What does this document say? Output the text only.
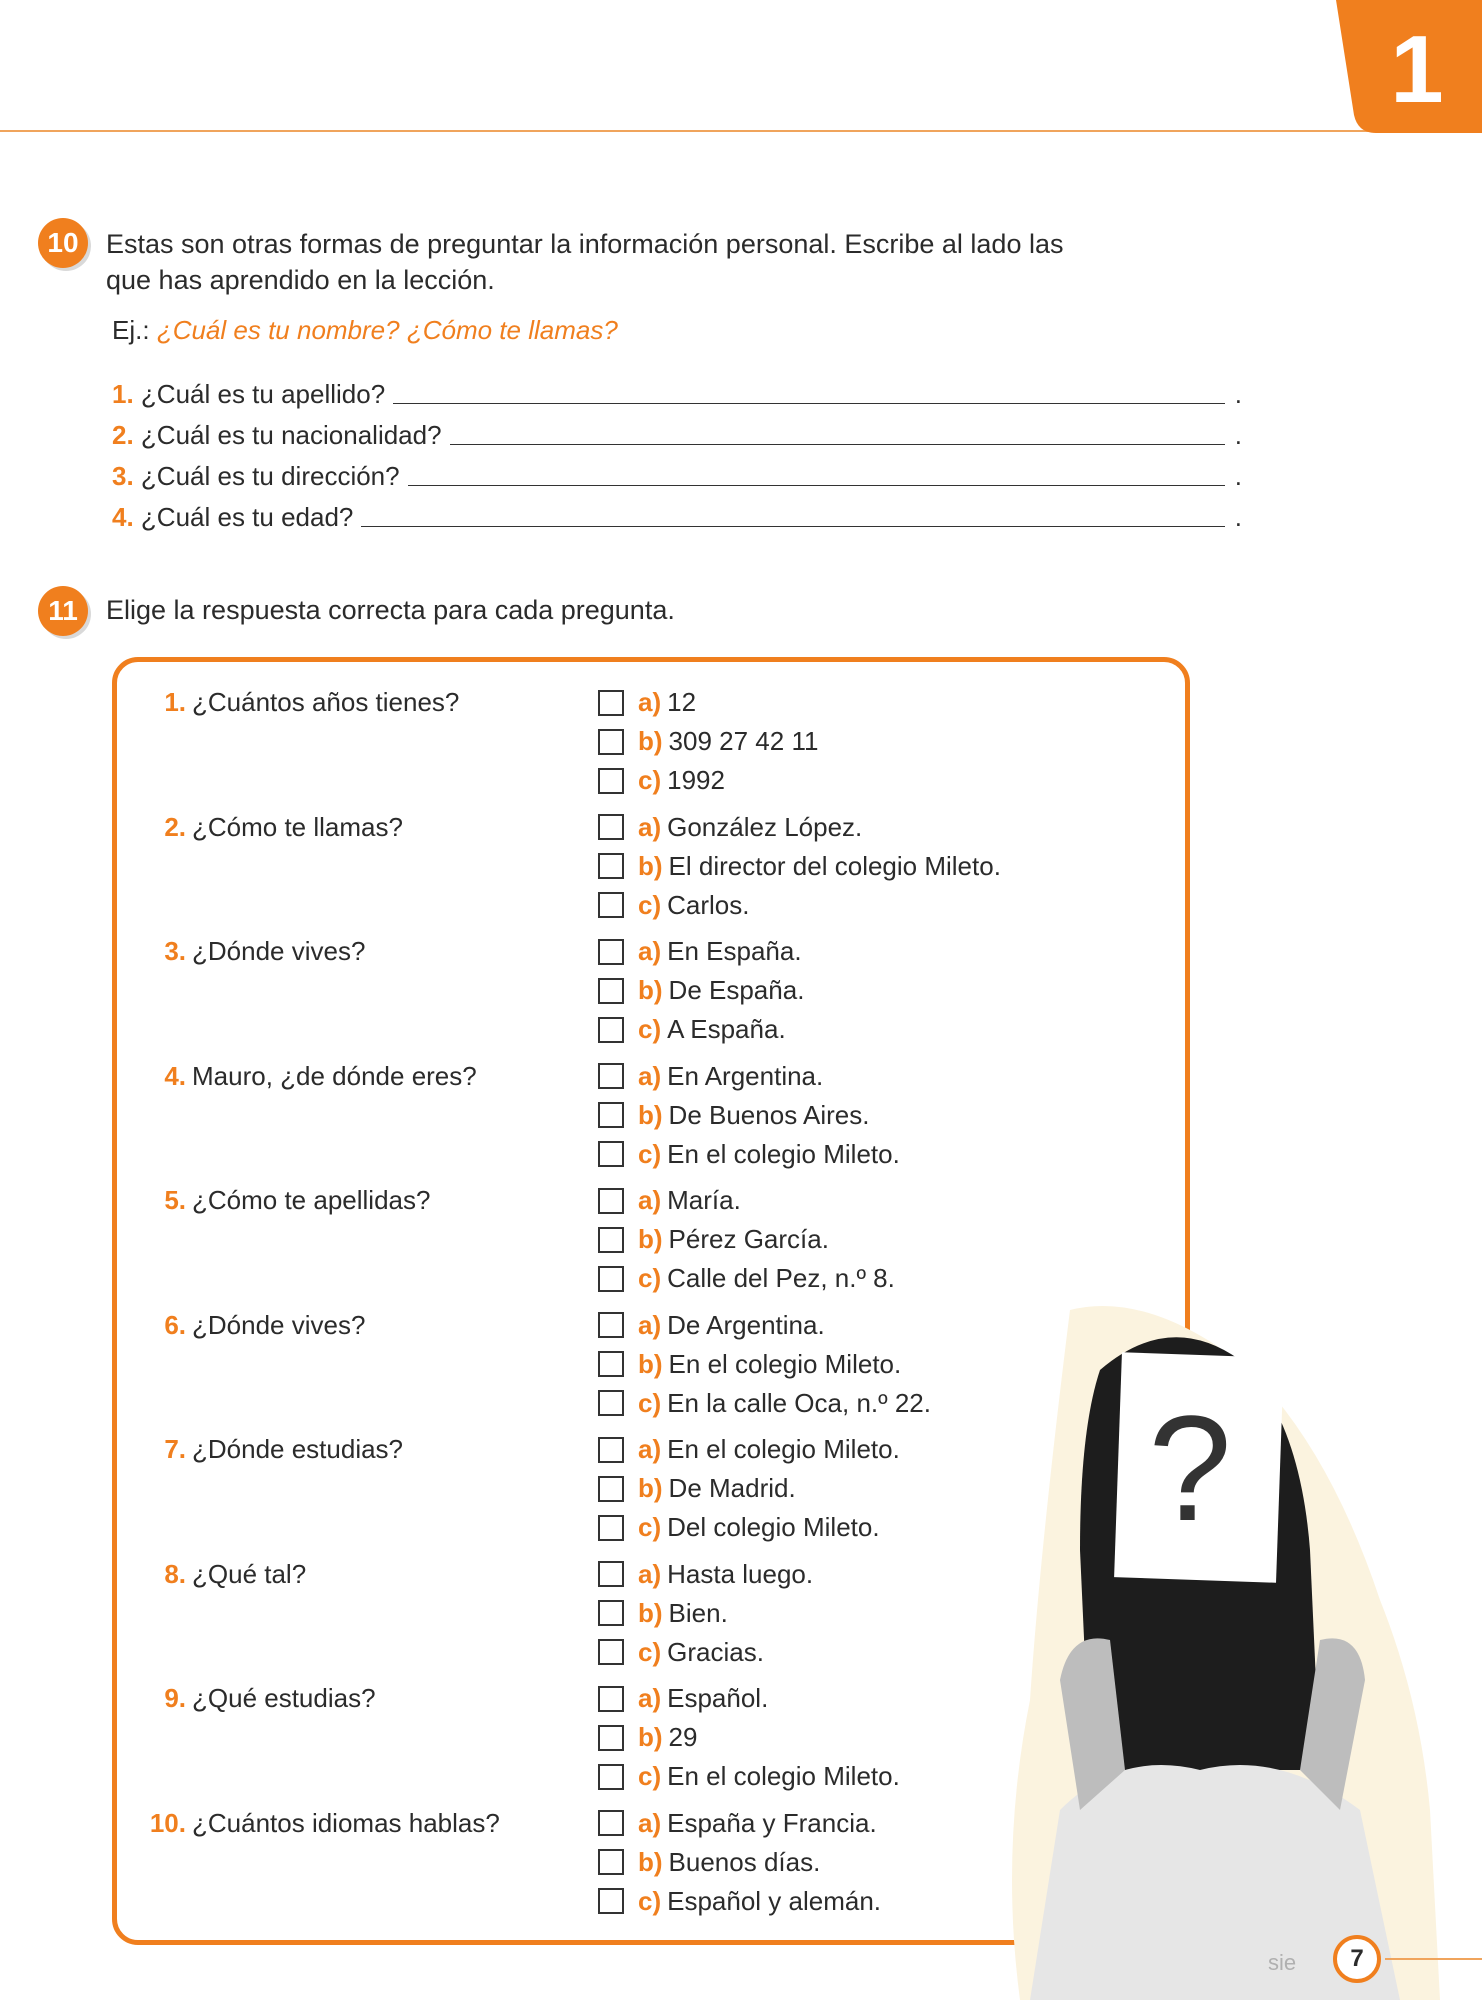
1
10	Estas son otras formas de preguntar la información personal. Escribe al lado las
que has aprendido en la lección.
Ej.: ¿Cuál es tu nombre? ¿Cómo te llamas?
1.
¿Cuál es tu apellido?	.
2.
¿Cuál es tu nacionalidad?	.
3.
¿Cuál es tu dirección?	.
4.
¿Cuál es tu edad?	.
11	Elige la respuesta correcta para cada pregunta.
1. ¿Cuántos años tienes?	a) 12
b) 309 27 42 11
c) 1992
2. ¿Cómo te llamas?	a) González López.
b) El director del colegio Mileto.
c) Carlos.
3. ¿Dónde vives?	a) En España.
b) De España.
c) A España.
4. Mauro, ¿de dónde eres?	a) En Argentina.
b) De Buenos Aires.
c) En el colegio Mileto.
5. ¿Cómo te apellidas?	a) María.
b) Pérez García.
c) Calle del Pez, n.º 8.
6. ¿Dónde vives?	a) De Argentina.
b) En el colegio Mileto.
c) En la calle Oca, n.º 22.
7. ¿Dónde estudias?	a) En el colegio Mileto.
b) De Madrid.
c) Del colegio Mileto.
8. ¿Qué tal?	a) Hasta luego.
b) Bien.
c) Gracias.
9. ¿Qué estudias?	a) Español.
b) 29
c) En el colegio Mileto.
10. ¿Cuántos idiomas hablas?	a) España y Francia.
b) Buenos días.
c) Español y alemán.
?
sie	7
